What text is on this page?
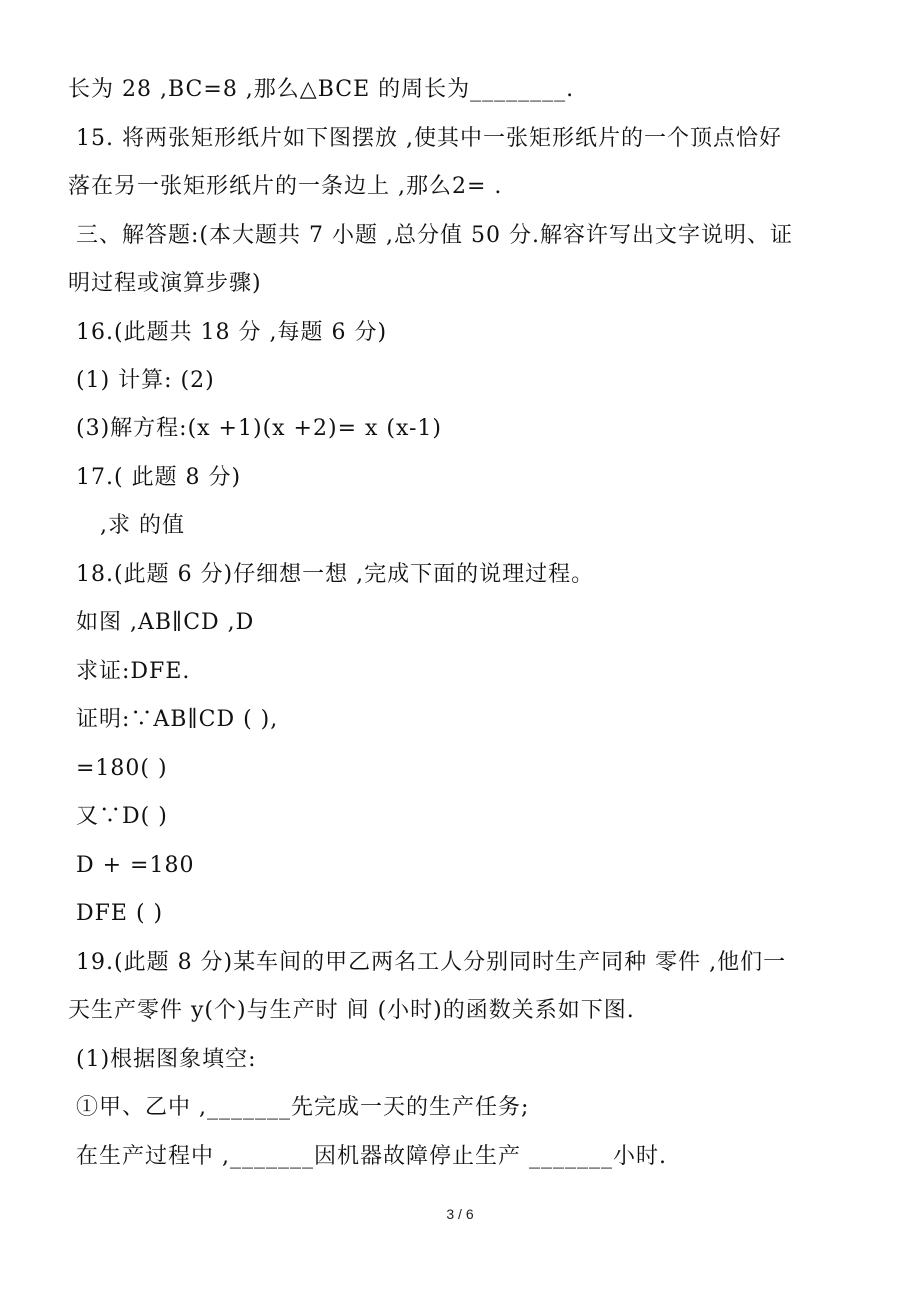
长为 28 ,BC=8 ,那么△BCE 的周长为________.
15. 将两张矩形纸片如下图摆放 ,使其中一张矩形纸片的一个顶点恰好
落在另一张矩形纸片的一条边上 ,那么2= .
三、解答题:(本大题共 7 小题 ,总分值 50 分.解容许写出文字说明、证
明过程或演算步骤)
16.(此题共 18 分 ,每题 6 分)
(1) 计算: (2)
(3)解方程:(x +1)(x +2)= x (x-1)
17.( 此题 8 分)
,求 的值
18.(此题 6 分)仔细想一想 ,完成下面的说理过程。
如图 ,AB∥CD ,D
求证:DFE.
证明:∵AB∥CD ( ),
=180( )
又∵D( )
D + =180
DFE ( )
19.(此题 8 分)某车间的甲乙两名工人分别同时生产同种 零件 ,他们一
天生产零件 y(个)与生产时 间 (小时)的函数关系如下图.
(1)根据图象填空:
①甲、乙中 ,_______先完成一天的生产任务;
在生产过程中 ,_______因机器故障停止生产 _______小时.
3 / 6
